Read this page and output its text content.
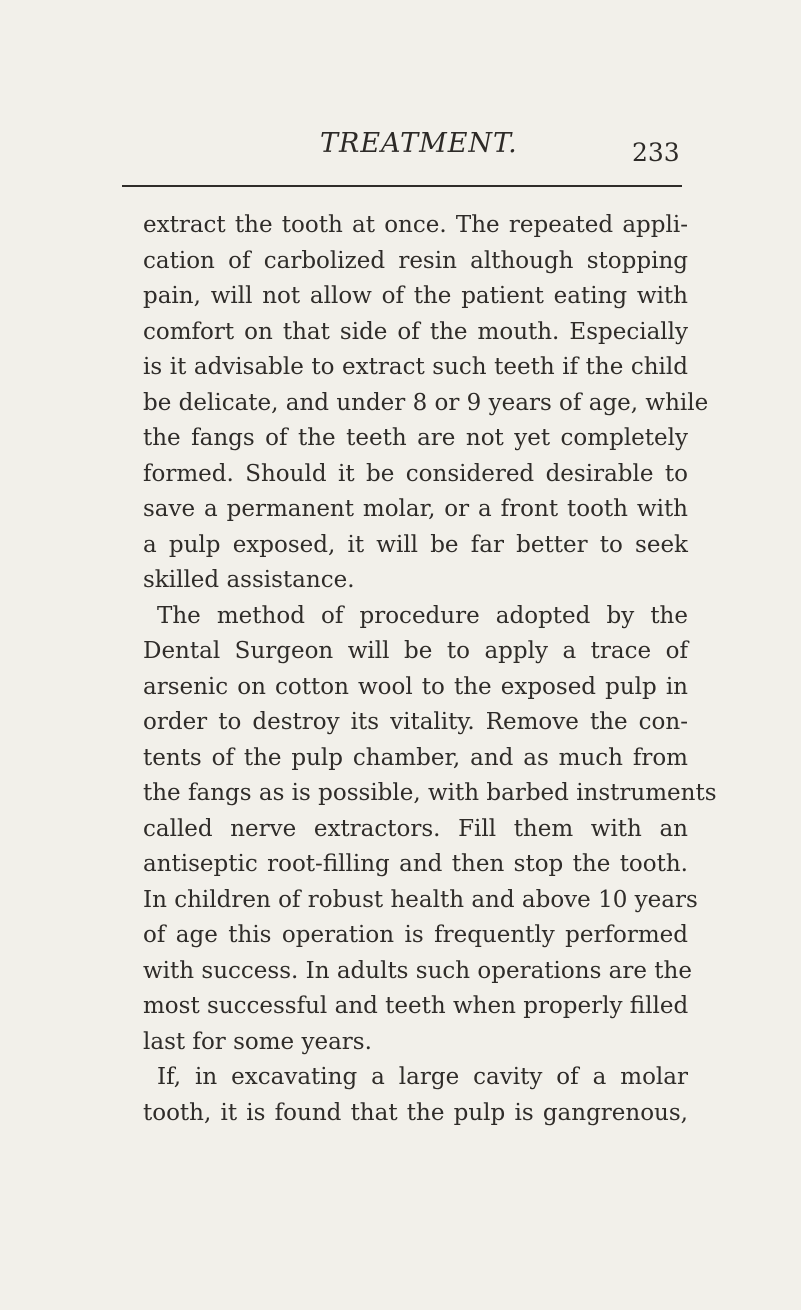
TREATMENT.	233
extract the tooth at once. The repeated appli-
cation of carbolized resin although stopping
pain, will not allow of the patient eating with
comfort on that side of the mouth. Especially
is it advisable to extract such teeth if the child
be delicate, and under 8 or 9 years of age, while
the fangs of the teeth are not yet completely
formed. Should it be considered desirable to
save a permanent molar, or a front tooth with
a pulp exposed, it will be far better to seek
skilled assistance.
The method of procedure adopted by the
Dental Surgeon will be to apply a trace of
arsenic on cotton wool to the exposed pulp in
order to destroy its vitality. Remove the con-
tents of the pulp chamber, and as much from
the fangs as is possible, with barbed instruments
called nerve extractors. Fill them with an
antiseptic root-filling and then stop the tooth.
In children of robust health and above 10 years
of age this operation is frequently performed
with success. In adults such operations are the
most successful and teeth when properly filled
last for some years.
If, in excavating a large cavity of a molar
tooth, it is found that the pulp is gangrenous,
